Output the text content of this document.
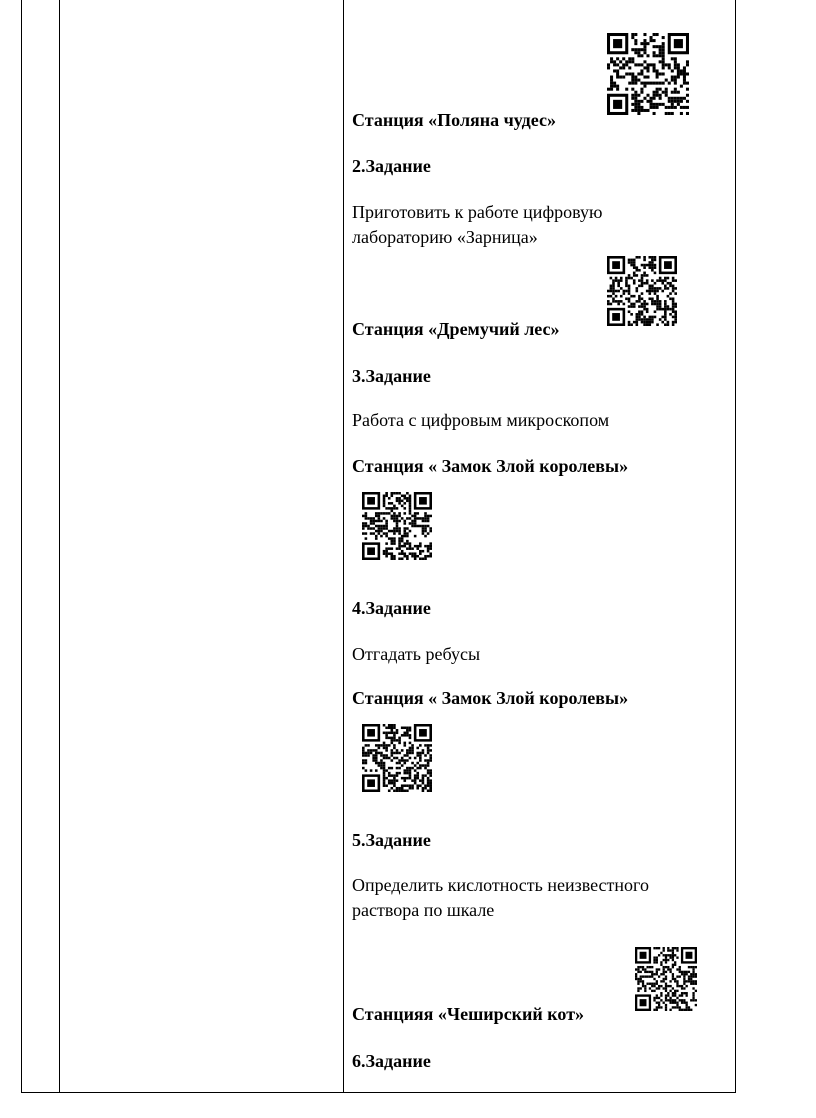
Станция «Поляна чудес»
2.Задание
Приготовить к работе цифровую
лабораторию «Зарница»
Станция «Дремучий лес»
3.Задание
Работа с цифровым микроскопом
Станция « Замок Злой королевы»
4.Задание
Отгадать ребусы
Станция « Замок Злой королевы»
5.Задание
Определить кислотность неизвестного
раствора по шкале
Станцияя «Чеширский кот»
6.Задание
